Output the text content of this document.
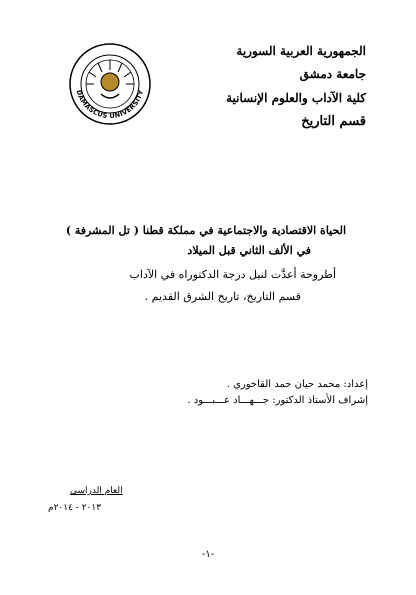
الجمهورية العربية السورية
جامعة دمشق
كلية الآداب والعلوم الإنسانية
قسم التاريخ
DAMASCUS UNIVERSITY
الحياة الاقتصادية والاجتماعية في مملكة قطنا ( تل المشرفة )
في الألف الثاني قبل الميلاد
أطروحة أعدَّت لنيل درجة الدكتوراه في الآداب
قسم التاريخ، تاريخ الشرق القديم .
إعداد: محمد حيان حمد القاخوري .
إشراف الأستاذ الدكتور: جـــهـــاد عـــبـــود .
العام الدراسي
٢٠١٣ - ٢٠١٤م
-١-
